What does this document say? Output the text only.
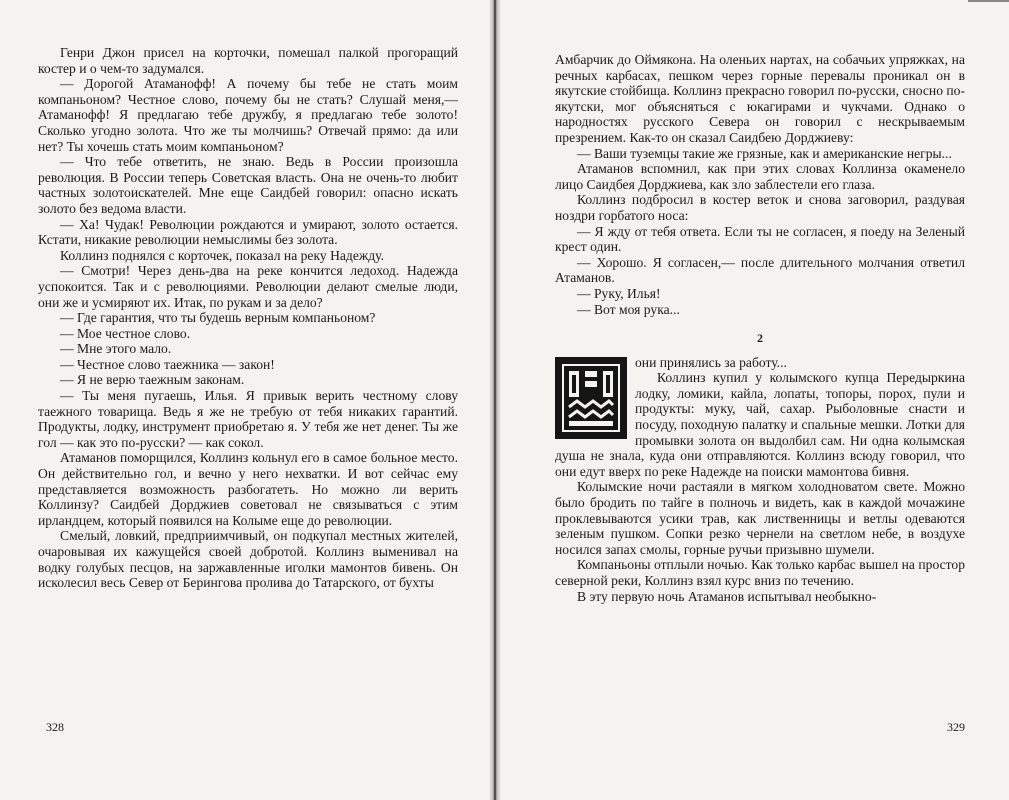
Генри Джон присел на корточки, помешал палкой прогоращий костер и о чем-то задумался.

— Дорогой Атаманофф! А почему бы тебе не стать моим компаньоном? Честное слово, почему бы не стать? Слушай меня,— Атаманофф! Я предлагаю тебе дружбу, я предлагаю тебе золото! Сколько угодно золота. Что же ты молчишь? Отвечай прямо: да или нет? Ты хочешь стать моим компаньоном?

— Что тебе ответить, не знаю. Ведь в России произошла революция. В России теперь Советская власть. Она не очень-то любит частных золотоискателей. Мне еще Саидбей говорил: опасно искать золото без ведома власти.

— Ха! Чудак! Революции рождаются и умирают, золото остается. Кстати, никакие революции немыслимы без золота.

Коллинз поднялся с корточек, показал на реку Надежду.

— Смотри! Через день-два на реке кончится ледоход. Надежда успокоится. Так и с революциями. Революции делают смелые люди, они же и усмиряют их. Итак, по рукам и за дело?

— Где гарантия, что ты будешь верным компаньоном?

— Мое честное слово.

— Мне этого мало.

— Честное слово таежника — закон!

— Я не верю таежным законам.

— Ты меня пугаешь, Илья. Я привык верить честному слову таежного товарища. Ведь я же не требую от тебя никаких гарантий. Продукты, лодку, инструмент приобретаю я. У тебя же нет денег. Ты же гол — как это по-русски? — как сокол.

Атаманов поморщился, Коллинз кольнул его в самое больное место. Он действительно гол, и вечно у него нехватки. И вот сейчас ему представляется возможность разбогатеть. Но можно ли верить Коллинзу? Саидбей Дорджиев советовал не связываться с этим ирландцем, который появился на Колыме еще до революции.

Смелый, ловкий, предприимчивый, он подкупал местных жителей, очаровывая их кажущейся своей добротой. Коллинз выменивал на водку голубых песцов, на заржавленные иголки мамонтов бивень. Он исколесил весь Север от Берингова пролива до Татарского, от бухты

328

Амбарчик до Оймякона. На оленьих нартах, на собачьих упряжках, на речных карбасах, пешком через горные перевалы проникал он в якутские стойбища. Коллинз прекрасно говорил по-русски, сносно по-якутски, мог объясняться с юкагирами и чукчами. Однако о народностях русского Севера он говорил с нескрываемым презрением. Как-то он сказал Саидбею Дорджиеву:

— Ваши туземцы такие же грязные, как и американские негры...

Атаманов вспомнил, как при этих словах Коллинза окаменело лицо Саидбея Дорджиева, как зло заблестели его глаза.

Коллинз подбросил в костер веток и снова заговорил, раздувая ноздри горбатого носа:

— Я жду от тебя ответа. Если ты не согласен, я поеду на Зеленый крест один.

— Хорошо. Я согласен,— после длительного молчания ответил Атаманов.

— Руку, Илья!

— Вот моя рука...

2

они принялись за работу...

Коллинз купил у колымского купца Передыркина лодку, ломики, кайла, лопаты, топоры, порох, пули и продукты: муку, чай, сахар. Рыболовные снасти и посуду, походную палатку и спальные мешки. Лотки для промывки золота он выдолбил сам. Ни одна колымская душа не знала, куда они отправляются. Коллинз всюду говорил, что они едут вверх по реке Надежде на поиски мамонтова бивня.

Колымские ночи растаяли в мягком холодноватом свете. Можно было бродить по тайге в полночь и видеть, как в каждой мочажине проклевываются усики трав, как лиственницы и ветлы одеваются зеленым пушком. Сопки резко чернели на светлом небе, в воздухе носился запах смолы, горные ручьи призывно шумели.

Компаньоны отплыли ночью. Как только карбас вышел на простор северной реки, Коллинз взял курс вниз по течению.

В эту первую ночь Атаманов испытывал необыкно-

329
